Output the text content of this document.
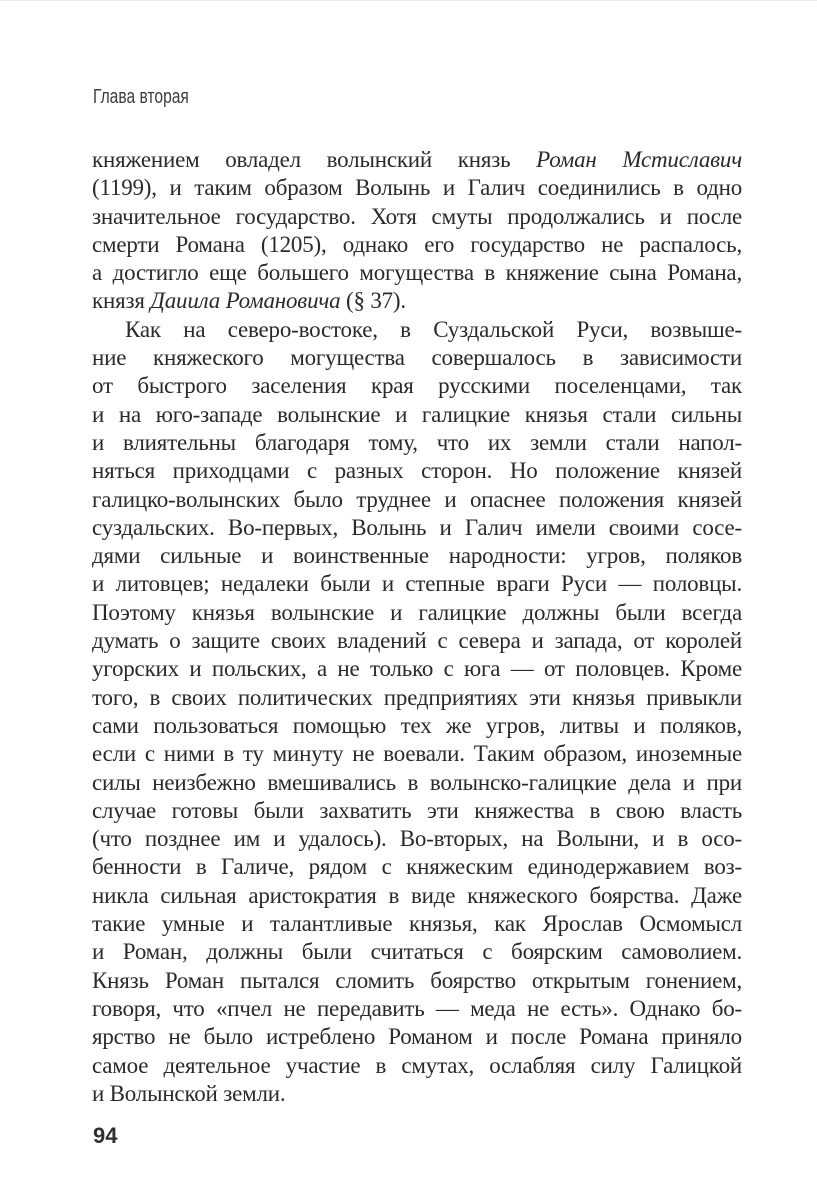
Глава вторая
княжением овладел волынский князь Роман Мстиславич
(1199), и таким образом Волынь и Галич соединились в одно
значительное государство. Хотя смуты продолжались и после
смерти Романа (1205), однако его государство не распалось,
а достигло еще большего могущества в княжение сына Романа,
князя Даиила Романовича (§ 37).
Как на северо-востоке, в Суздальской Руси, возвыше-
ние княжеского могущества совершалось в зависимости
от быстрого заселения края русскими поселенцами, так
и на юго-западе волынские и галицкие князья стали сильны
и влиятельны благодаря тому, что их земли стали напол-
няться приходцами с разных сторон. Но положение князей
галицко-волынских было труднее и опаснее положения князей
суздальских. Во-первых, Волынь и Галич имели своими сосе-
дями сильные и воинственные народности: угров, поляков
и литовцев; недалеки были и степные враги Руси — половцы.
Поэтому князья волынские и галицкие должны были всегда
думать о защите своих владений с севера и запада, от королей
угорских и польских, а не только с юга — от половцев. Кроме
того, в своих политических предприятиях эти князья привыкли
сами пользоваться помощью тех же угров, литвы и поляков,
если с ними в ту минуту не воевали. Таким образом, иноземные
силы неизбежно вмешивались в волынско-галицкие дела и при
случае готовы были захватить эти княжества в свою власть
(что позднее им и удалось). Во-вторых, на Волыни, и в осо-
бенности в Галиче, рядом с княжеским единодержавием воз-
никла сильная аристократия в виде княжеского боярства. Даже
такие умные и талантливые князья, как Ярослав Осмомысл
и Роман, должны были считаться с боярским самоволием.
Князь Роман пытался сломить боярство открытым гонением,
говоря, что «пчел не передавить — меда не есть». Однако бо-
ярство не было истреблено Романом и после Романа приняло
самое деятельное участие в смутах, ослабляя силу Галицкой
и Волынской земли.
94
